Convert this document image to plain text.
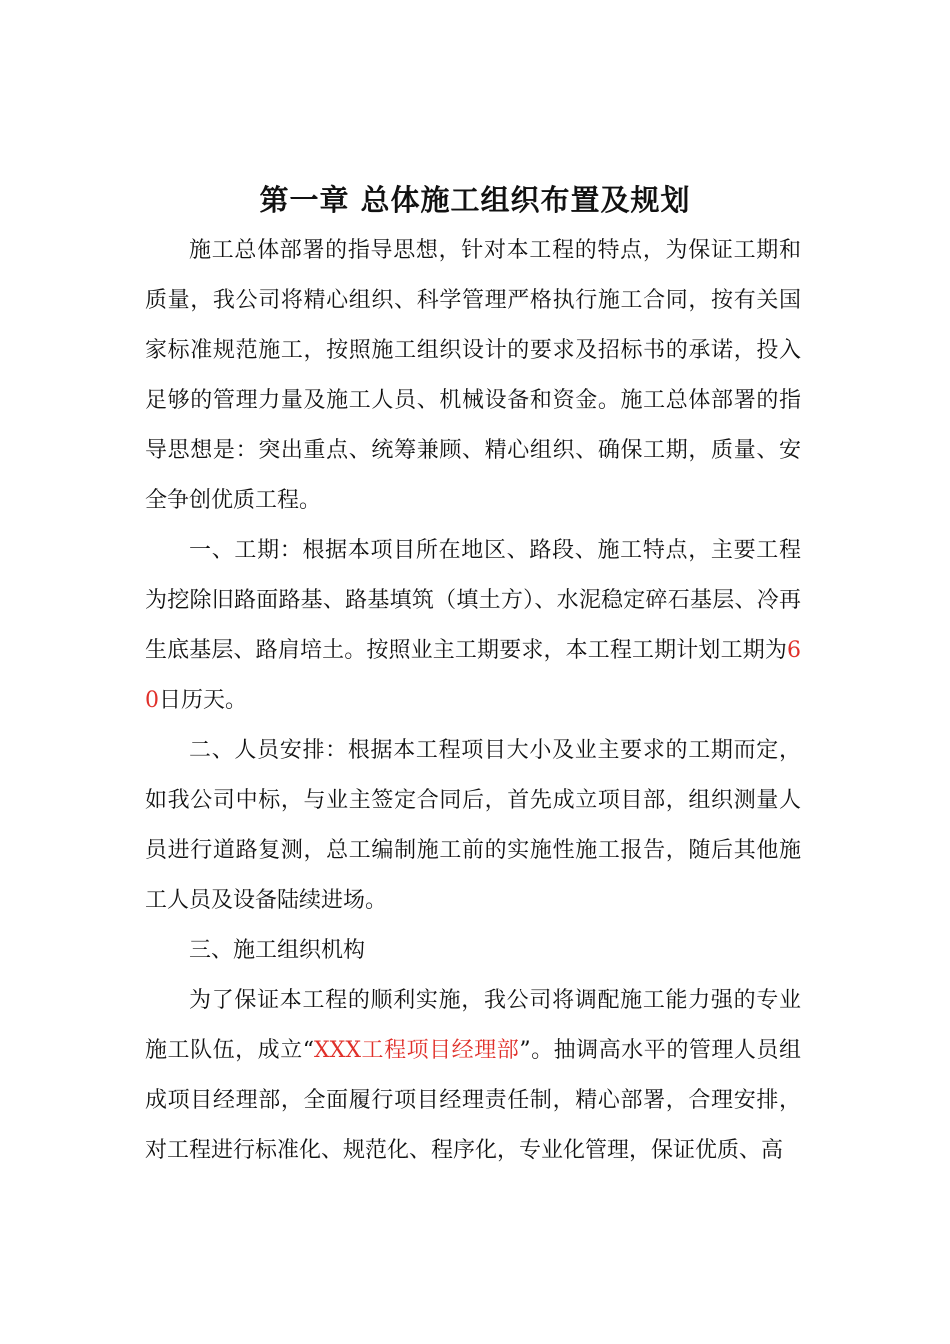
第一章 总体施工组织布置及规划

施工总体部署的指导思想，针对本工程的特点，为保证工期和质量，我公司将精心组织、科学管理严格执行施工合同，按有关国家标准规范施工，按照施工组织设计的要求及招标书的承诺，投入足够的管理力量及施工人员、机械设备和资金。施工总体部署的指导思想是：突出重点、统筹兼顾、精心组织、确保工期，质量、安全争创优质工程。

一、工期：根据本项目所在地区、路段、施工特点，主要工程为挖除旧路面路基、路基填筑（填土方）、水泥稳定碎石基层、冷再生底基层、路肩培土。按照业主工期要求，本工程工期计划工期为60日历天。

二、人员安排：根据本工程项目大小及业主要求的工期而定，如我公司中标，与业主签定合同后，首先成立项目部，组织测量人员进行道路复测，总工编制施工前的实施性施工报告，随后其他施工人员及设备陆续进场。

三、施工组织机构

为了保证本工程的顺利实施，我公司将调配施工能力强的专业施工队伍，成立“XXX工程项目经理部”。抽调高水平的管理人员组成项目经理部，全面履行项目经理责任制，精心部署，合理安排，对工程进行标准化、规范化、程序化，专业化管理，保证优质、高
